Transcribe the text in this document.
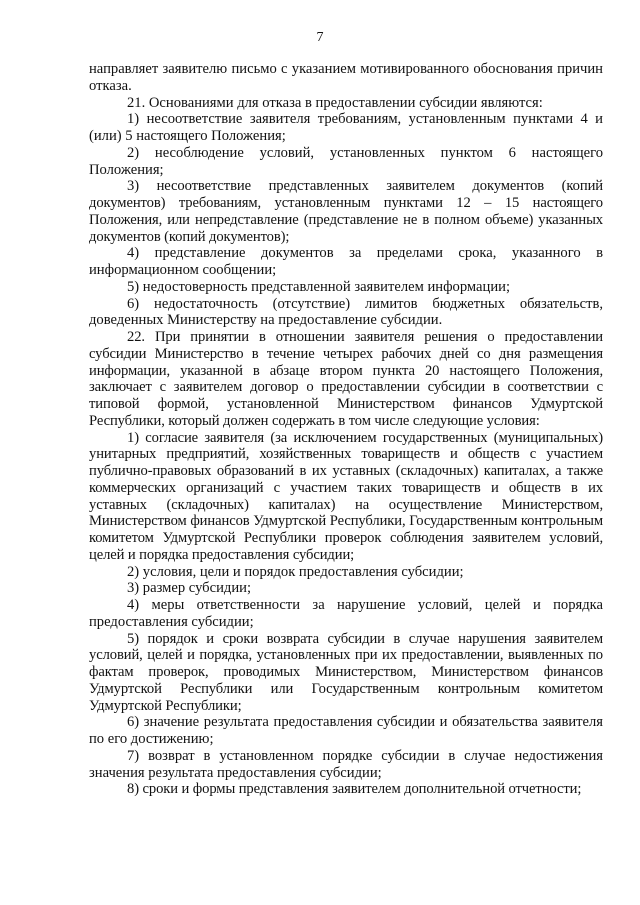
7

направляет заявителю письмо с указанием мотивированного обоснования причин отказа.

21. Основаниями для отказа в предоставлении субсидии являются:

1) несоответствие заявителя требованиям, установленным пунктами 4 и (или) 5 настоящего Положения;

2) несоблюдение условий, установленных пунктом 6 настоящего Положения;

3) несоответствие представленных заявителем документов (копий документов) требованиям, установленным пунктами 12 – 15 настоящего Положения, или непредставление (представление не в полном объеме) указанных документов (копий документов);

4) представление документов за пределами срока, указанного в информационном сообщении;

5) недостоверность представленной заявителем информации;

6) недостаточность (отсутствие) лимитов бюджетных обязательств, доведенных Министерству на предоставление субсидии.

22. При принятии в отношении заявителя решения о предоставлении субсидии Министерство в течение четырех рабочих дней со дня размещения информации, указанной в абзаце втором пункта 20 настоящего Положения, заключает с заявителем договор о предоставлении субсидии в соответствии с типовой формой, установленной Министерством финансов Удмуртской Республики, который должен содержать в том числе следующие условия:

1) согласие заявителя (за исключением государственных (муниципальных) унитарных предприятий, хозяйственных товариществ и обществ с участием публично-правовых образований в их уставных (складочных) капиталах, а также коммерческих организаций с участием таких товариществ и обществ в их уставных (складочных) капиталах) на осуществление Министерством, Министерством финансов Удмуртской Республики, Государственным контрольным комитетом Удмуртской Республики проверок соблюдения заявителем условий, целей и порядка предоставления субсидии;

2) условия, цели и порядок предоставления субсидии;

3) размер субсидии;

4) меры ответственности за нарушение условий, целей и порядка предоставления субсидии;

5) порядок и сроки возврата субсидии в случае нарушения заявителем условий, целей и порядка, установленных при их предоставлении, выявленных по фактам проверок, проводимых Министерством, Министерством финансов Удмуртской Республики или Государственным контрольным комитетом Удмуртской Республики;

6) значение результата предоставления субсидии и обязательства заявителя по его достижению;

7) возврат в установленном порядке субсидии в случае недостижения значения результата предоставления субсидии;

8) сроки и формы представления заявителем дополнительной отчетности;
